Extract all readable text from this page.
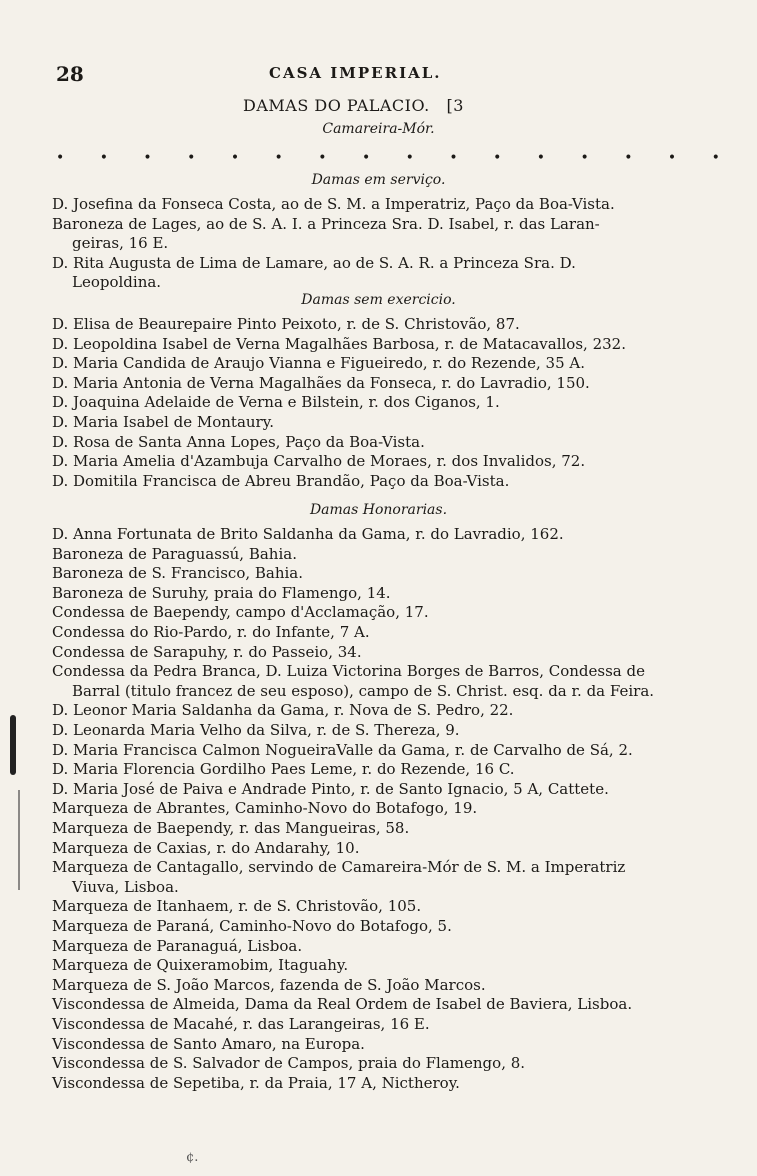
28	CASA IMPERIAL.
DAMAS DO PALACIO. [3
Camareira-Mór.
• • • • • • • • • • • • • • • •
Damas em serviço.
D. Josefina da Fonseca Costa, ao de S. M. a Imperatriz, Paço da Boa-Vista.
Baroneza de Lages, ao de S. A. I. a Princeza Sra. D. Isabel, r. das Laran-
geiras, 16 E.
D. Rita Augusta de Lima de Lamare, ao de S. A. R. a Princeza Sra. D.
Leopoldina.
Damas sem exercicio.
D. Elisa de Beaurepaire Pinto Peixoto, r. de S. Christovão, 87.
D. Leopoldina Isabel de Verna Magalhães Barbosa, r. de Matacavallos, 232.
D. Maria Candida de Araujo Vianna e Figueiredo, r. do Rezende, 35 A.
D. Maria Antonia de Verna Magalhães da Fonseca, r. do Lavradio, 150.
D. Joaquina Adelaide de Verna e Bilstein, r. dos Ciganos, 1.
D. Maria Isabel de Montaury.
D. Rosa de Santa Anna Lopes, Paço da Boa-Vista.
D. Maria Amelia d'Azambuja Carvalho de Moraes, r. dos Invalidos, 72.
D. Domitila Francisca de Abreu Brandão, Paço da Boa-Vista.
Damas Honorarias.
D. Anna Fortunata de Brito Saldanha da Gama, r. do Lavradio, 162.
Baroneza de Paraguassú, Bahia.
Baroneza de S. Francisco, Bahia.
Baroneza de Suruhy, praia do Flamengo, 14.
Condessa de Baependy, campo d'Acclamação, 17.
Condessa do Rio-Pardo, r. do Infante, 7 A.
Condessa de Sarapuhy, r. do Passeio, 34.
Condessa da Pedra Branca, D. Luiza Victorina Borges de Barros, Condessa de
Barral (titulo francez de seu esposo), campo de S. Christ. esq. da r. da Feira.
D. Leonor Maria Saldanha da Gama, r. Nova de S. Pedro, 22.
D. Leonarda Maria Velho da Silva, r. de S. Thereza, 9.
D. Maria Francisca Calmon NogueiraValle da Gama, r. de Carvalho de Sá, 2.
D. Maria Florencia Gordilho Paes Leme, r. do Rezende, 16 C.
D. Maria José de Paiva e Andrade Pinto, r. de Santo Ignacio, 5 A, Cattete.
Marqueza de Abrantes, Caminho-Novo do Botafogo, 19.
Marqueza de Baependy, r. das Mangueiras, 58.
Marqueza de Caxias, r. do Andarahy, 10.
Marqueza de Cantagallo, servindo de Camareira-Mór de S. M. a Imperatriz
Viuva, Lisboa.
Marqueza de Itanhaem, r. de S. Christovão, 105.
Marqueza de Paraná, Caminho-Novo do Botafogo, 5.
Marqueza de Paranaguá, Lisboa.
Marqueza de Quixeramobim, Itaguahy.
Marqueza de S. João Marcos, fazenda de S. João Marcos.
Viscondessa de Almeida, Dama da Real Ordem de Isabel de Baviera, Lisboa.
Viscondessa de Macahé, r. das Larangeiras, 16 E.
Viscondessa de Santo Amaro, na Europa.
Viscondessa de S. Salvador de Campos, praia do Flamengo, 8.
Viscondessa de Sepetiba, r. da Praia, 17 A, Nictheroy.
¢.
